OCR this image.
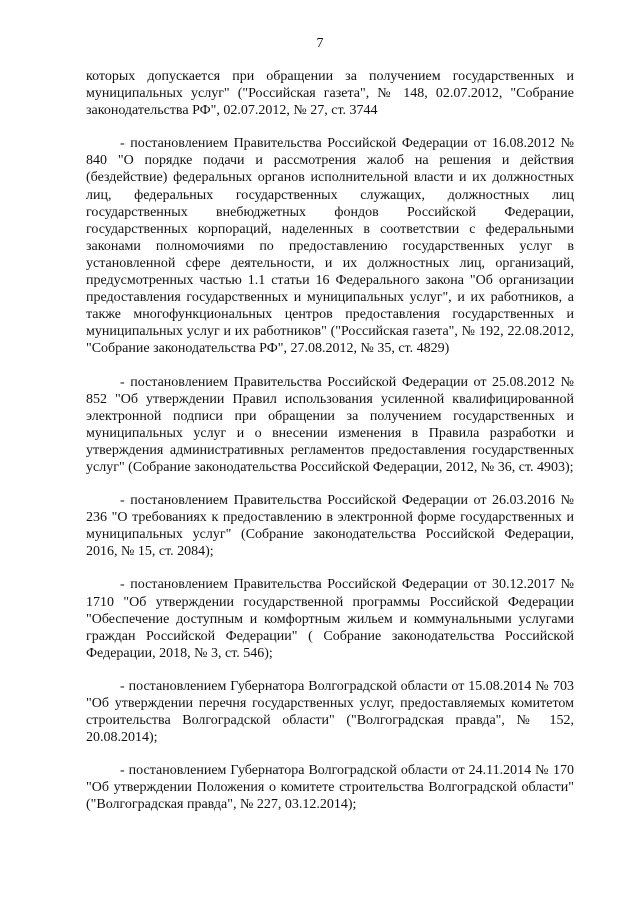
7

которых допускается при обращении за получением государственных и муниципальных услуг" ("Российская газета", № 148, 02.07.2012, "Собрание законодательства РФ", 02.07.2012, № 27, ст. 3744

- постановлением Правительства Российской Федерации от 16.08.2012 № 840 "О порядке подачи и рассмотрения жалоб на решения и действия (бездействие) федеральных органов исполнительной власти и их должностных лиц, федеральных государственных служащих, должностных лиц государственных внебюджетных фондов Российской Федерации, государственных корпораций, наделенных в соответствии с федеральными законами полномочиями по предоставлению государственных услуг в установленной сфере деятельности, и их должностных лиц, организаций, предусмотренных частью 1.1 статьи 16 Федерального закона "Об организации предоставления государственных и муниципальных услуг", и их работников, а также многофункциональных центров предоставления государственных и муниципальных услуг и их работников" ("Российская газета", № 192, 22.08.2012, "Собрание законодательства РФ", 27.08.2012, № 35, ст. 4829)

- постановлением Правительства Российской Федерации от 25.08.2012 № 852 "Об утверждении Правил использования усиленной квалифицированной электронной подписи при обращении за получением государственных и муниципальных услуг и о внесении изменения в Правила разработки и утверждения административных регламентов предоставления государственных услуг" (Собрание законодательства Российской Федерации, 2012, № 36, ст. 4903);

- постановлением Правительства Российской Федерации от 26.03.2016 № 236 "О требованиях к предоставлению в электронной форме государственных и муниципальных услуг" (Собрание законодательства Российской Федерации, 2016, № 15, ст. 2084);

- постановлением Правительства Российской Федерации от 30.12.2017 № 1710 "Об утверждении государственной программы Российской Федерации "Обеспечение доступным и комфортным жильем и коммунальными услугами граждан Российской Федерации" ( Собрание законодательства Российской Федерации, 2018, № 3, ст. 546);

- постановлением Губернатора Волгоградской области от 15.08.2014 № 703 "Об утверждении перечня государственных услуг, предоставляемых комитетом строительства Волгоградской области" ("Волгоградская правда", № 152, 20.08.2014);

- постановлением Губернатора Волгоградской области от 24.11.2014 № 170 "Об утверждении Положения о комитете строительства Волгоградской области" ("Волгоградская правда", № 227, 03.12.2014);
